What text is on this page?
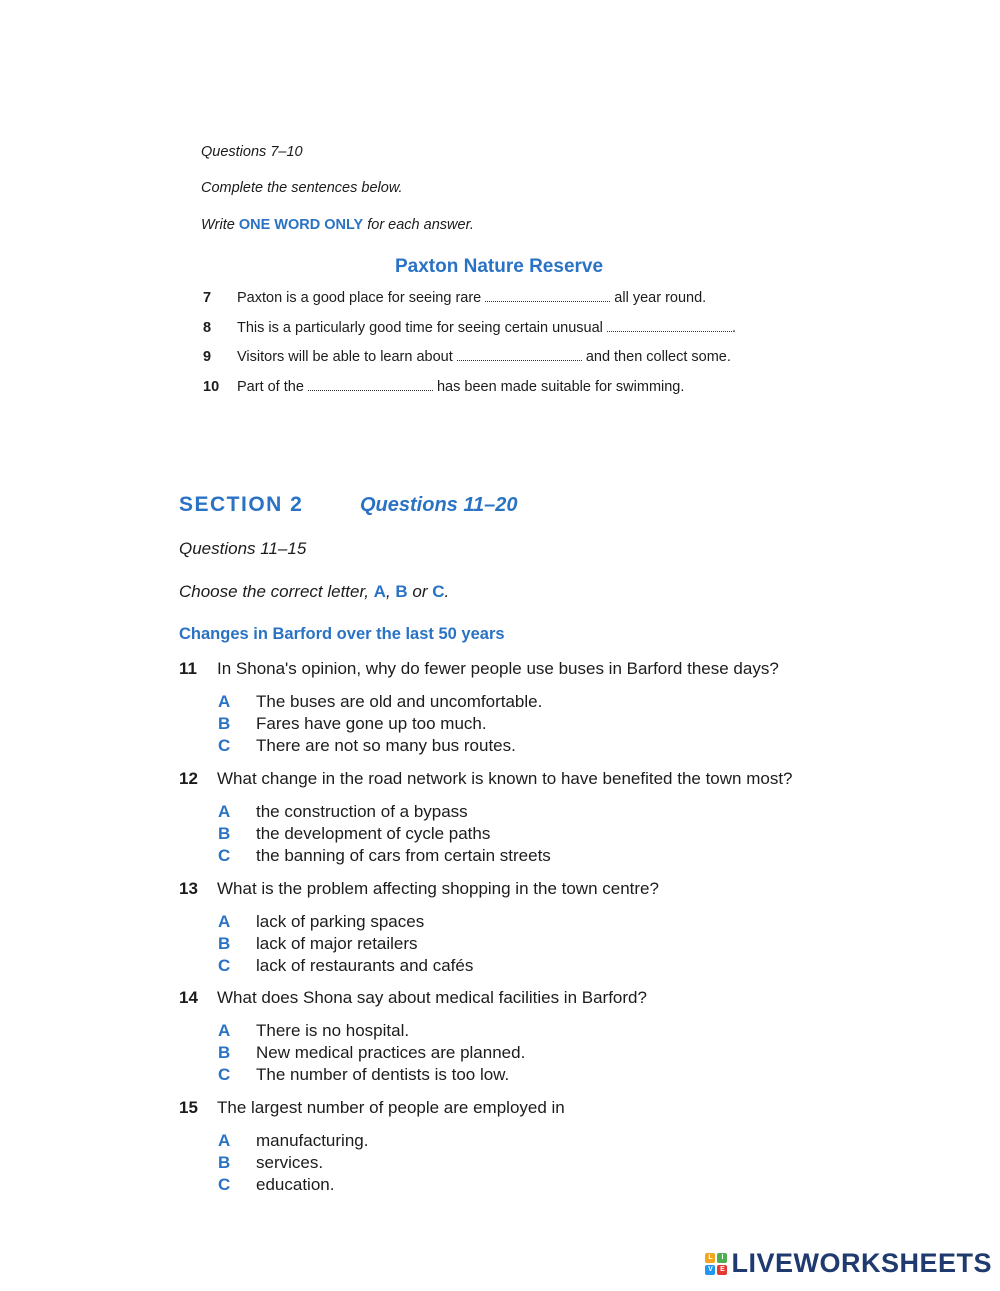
Questions 7–10
Complete the sentences below.
Write ONE WORD ONLY for each answer.
Paxton Nature Reserve
7 Paxton is a good place for seeing rare	all year round.
8 This is a particularly good time for seeing certain unusual	.
9 Visitors will be able to learn about	and then collect some.
10 Part of the	has been made suitable for swimming.
SECTION 2	Questions 11–20
Questions 11–15
Choose the correct letter, A, B or C.
Changes in Barford over the last 50 years
11 In Shona's opinion, why do fewer people use buses in Barford these days?
A The buses are old and uncomfortable.
B Fares have gone up too much.
C There are not so many bus routes.
12 What change in the road network is known to have benefited the town most?
A the construction of a bypass
B the development of cycle paths
C the banning of cars from certain streets
13 What is the problem affecting shopping in the town centre?
A lack of parking spaces
B lack of major retailers
C lack of restaurants and cafés
14 What does Shona say about medical facilities in Barford?
A There is no hospital.
B New medical practices are planned.
C The number of dentists is too low.
15 The largest number of people are employed in
A manufacturing.
B services.
C education.
L	I
V	E LIVEWORKSHEETS
